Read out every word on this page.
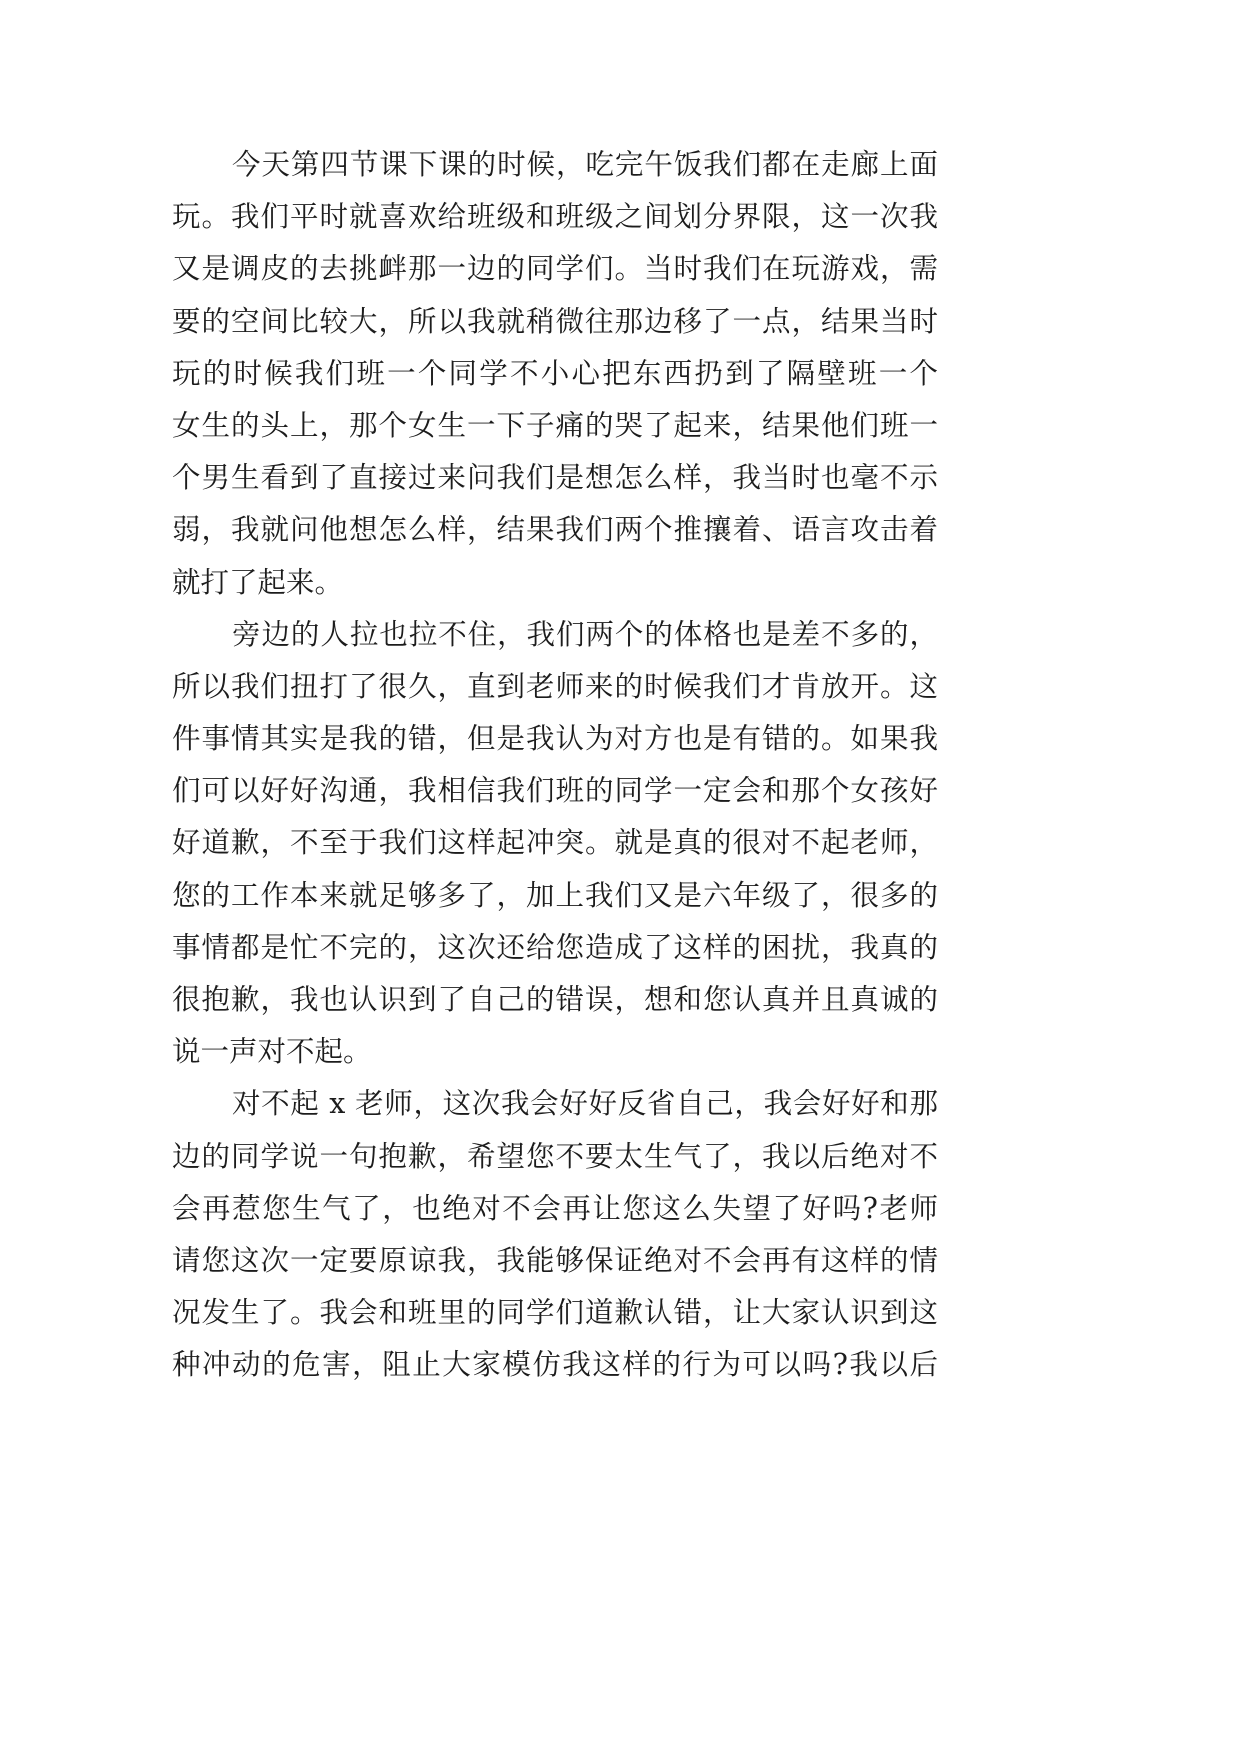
今天第四节课下课的时候，吃完午饭我们都在走廊上面
玩。我们平时就喜欢给班级和班级之间划分界限，这一次我
又是调皮的去挑衅那一边的同学们。当时我们在玩游戏，需
要的空间比较大，所以我就稍微往那边移了一点，结果当时
玩的时候我们班一个同学不小心把东西扔到了隔壁班一个
女生的头上，那个女生一下子痛的哭了起来，结果他们班一
个男生看到了直接过来问我们是想怎么样，我当时也毫不示
弱，我就问他想怎么样，结果我们两个推攘着、语言攻击着
就打了起来。
旁边的人拉也拉不住，我们两个的体格也是差不多的，
所以我们扭打了很久，直到老师来的时候我们才肯放开。这
件事情其实是我的错，但是我认为对方也是有错的。如果我
们可以好好沟通，我相信我们班的同学一定会和那个女孩好
好道歉，不至于我们这样起冲突。就是真的很对不起老师，
您的工作本来就足够多了，加上我们又是六年级了，很多的
事情都是忙不完的，这次还给您造成了这样的困扰，我真的
很抱歉，我也认识到了自己的错误，想和您认真并且真诚的
说一声对不起。
对不起 x 老师，这次我会好好反省自己，我会好好和那
边的同学说一句抱歉，希望您不要太生气了，我以后绝对不
会再惹您生气了，也绝对不会再让您这么失望了好吗?老师
请您这次一定要原谅我，我能够保证绝对不会再有这样的情
况发生了。我会和班里的同学们道歉认错，让大家认识到这
种冲动的危害，阻止大家模仿我这样的行为可以吗?我以后
